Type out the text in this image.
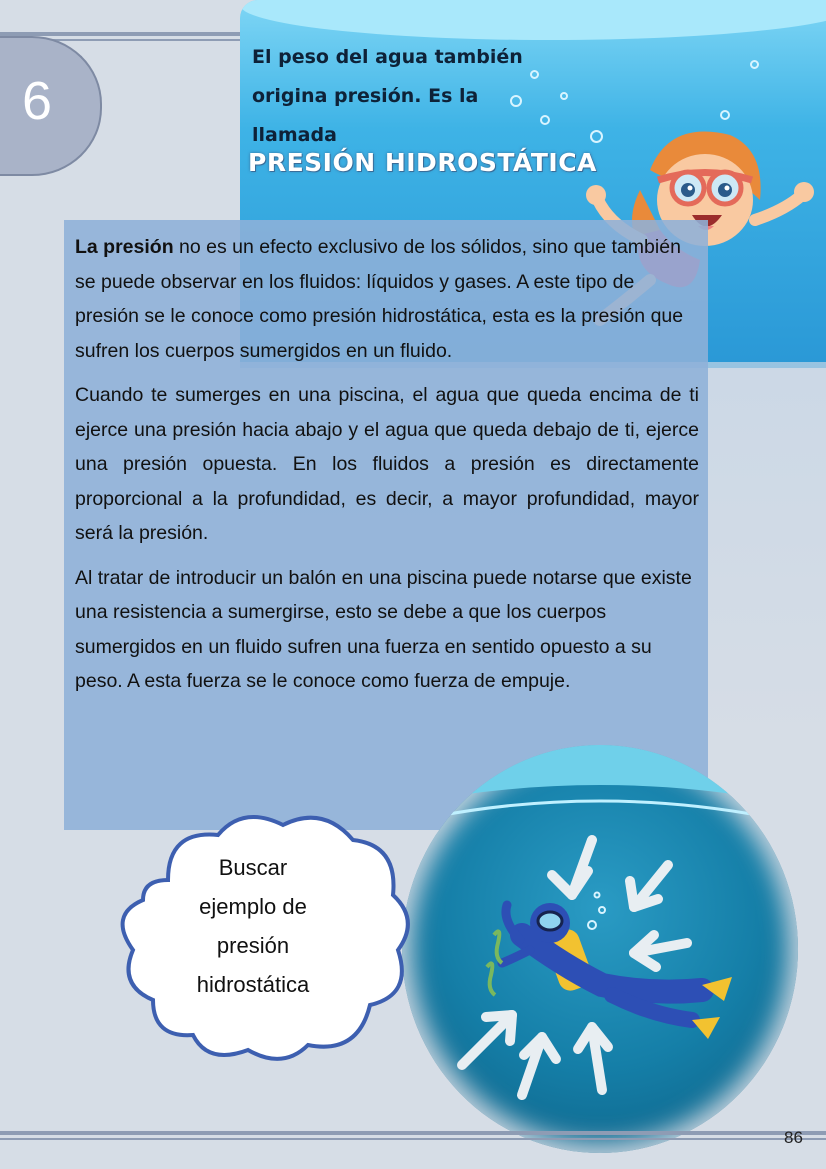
El peso del agua también
origina presión. Es la
llamada
PRESIÓN HIDROSTÁTICA
6

La presión no es un efecto exclusivo de los sólidos, sino que también se puede observar en los fluidos: líquidos y gases. A este tipo de presión se le conoce como presión hidrostática, esta es la presión que sufren los cuerpos sumergidos en un fluido.

Cuando te sumerges en una piscina, el agua que queda encima de ti ejerce una presión hacia abajo y el agua que queda debajo de ti, ejerce una presión opuesta. En los fluidos a presión es directamente proporcional a la profundidad, es decir, a mayor profundidad, mayor será la presión.

Al tratar de introducir un balón en una piscina puede notarse que existe una resistencia a sumergirse, esto se debe a que los cuerpos sumergidos en un fluido sufren una fuerza en sentido opuesto a su peso. A esta fuerza se le conoce como fuerza de empuje.

Buscar
ejemplo de
presión
hidrostática
86
